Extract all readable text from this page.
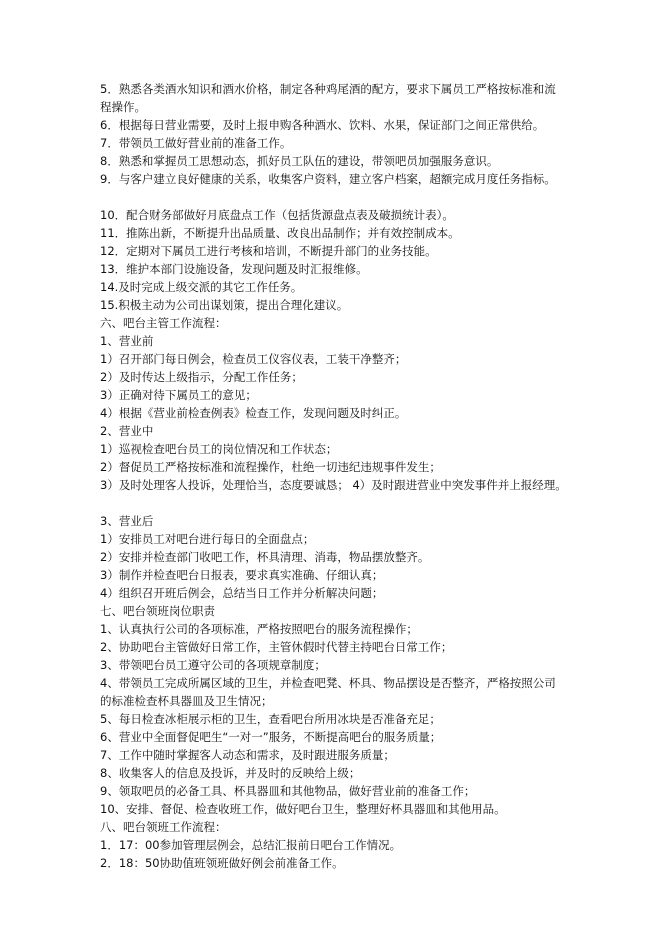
5．熟悉各类酒水知识和酒水价格，制定各种鸡尾酒的配方，要求下属员工严格按标准和流
程操作。
6．根据每日营业需要，及时上报申购各种酒水、饮料、水果，保证部门之间正常供给。
7．带领员工做好营业前的准备工作。
8．熟悉和掌握员工思想动态，抓好员工队伍的建设，带领吧员加强服务意识。
9．与客户建立良好健康的关系，收集客户资料，建立客户档案，超额完成月度任务指标。
10．配合财务部做好月底盘点工作（包括货源盘点表及破损统计表）。
11．推陈出新，不断提升出品质量、改良出品制作；并有效控制成本。
12．定期对下属员工进行考核和培训，不断提升部门的业务技能。
13．维护本部门设施设备，发现问题及时汇报维修。
14.及时完成上级交派的其它工作任务。
15.积极主动为公司出谋划策，提出合理化建议。
六、吧台主管工作流程：
1、营业前
1）召开部门每日例会，检查员工仪容仪表，工装干净整齐；
2）及时传达上级指示，分配工作任务；
3）正确对待下属员工的意见；
4）根据《营业前检查例表》检查工作，发现问题及时纠正。
2、营业中
1）巡视检查吧台员工的岗位情况和工作状态；
2）督促员工严格按标准和流程操作，杜绝一切违纪违规事件发生；
3）及时处理客人投诉，处理恰当，态度要诚恳； 4）及时跟进营业中突发事件并上报经理。
3、营业后
1）安排员工对吧台进行每日的全面盘点；
2）安排并检查部门收吧工作，杯具清理、消毒，物品摆放整齐。
3）制作并检查吧台日报表，要求真实准确、仔细认真；
4）组织召开班后例会，总结当日工作并分析解决问题；
七、吧台领班岗位职责
1、认真执行公司的各项标准，严格按照吧台的服务流程操作；
2、协助吧台主管做好日常工作，主管休假时代替主持吧台日常工作；
3、带领吧台员工遵守公司的各项规章制度；
4、带领员工完成所属区域的卫生，并检查吧凳、杯具、物品摆设是否整齐，严格按照公司
的标准检查杯具器皿及卫生情况；
5、每日检查冰柜展示柜的卫生，查看吧台所用冰块是否准备充足；
6、营业中全面督促吧生“一对一”服务，不断提高吧台的服务质量；
7、工作中随时掌握客人动态和需求，及时跟进服务质量；
8、收集客人的信息及投诉，并及时的反映给上级；
9、领取吧员的必备工具、杯具器皿和其他物品，做好营业前的准备工作；
10、安排、督促、检查收班工作，做好吧台卫生，整理好杯具器皿和其他用品。
八、吧台领班工作流程：
1．17：00参加管理层例会，总结汇报前日吧台工作情况。
2．18：50协助值班领班做好例会前准备工作。
